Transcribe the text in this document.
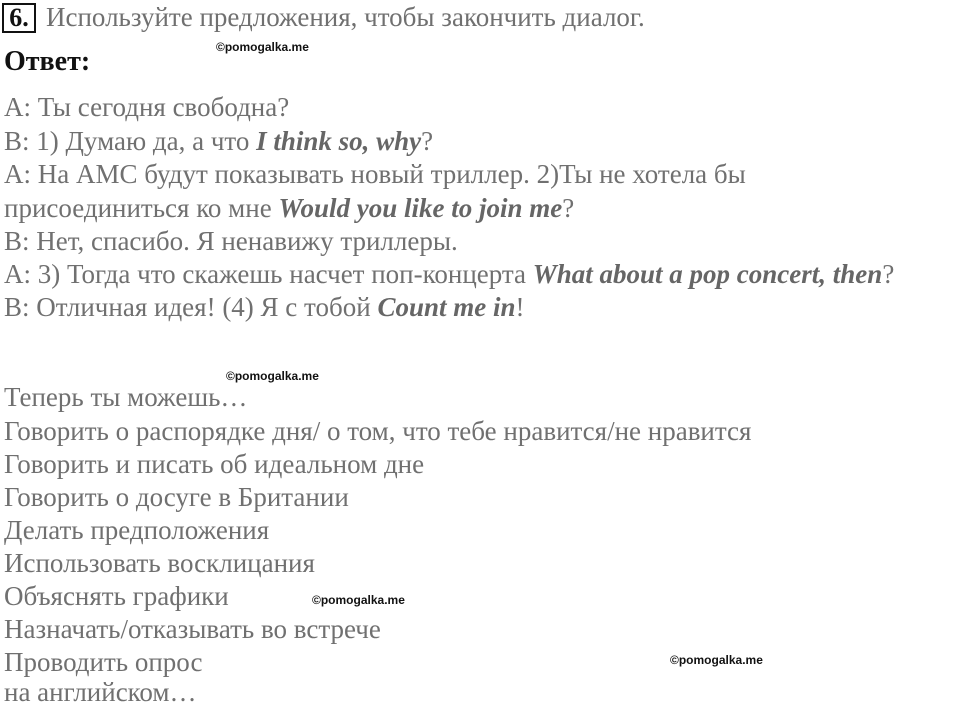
6. Используйте предложения, чтобы закончить диалог.
©pomogalka.me
Ответ:
A: Ты сегодня свободна?
B: 1) Думаю да, а что I think so, why?
A: На AMC будут показывать новый триллер. 2)Ты не хотела бы
присоединиться ко мне Would you like to join me?
B: Нет, спасибо. Я ненавижу триллеры.
A: 3) Тогда что скажешь насчет поп-концерта What about a pop concert, then?
B: Отличная идея! (4) Я с тобой Count me in!
©pomogalka.me
Теперь ты можешь…
Говорить о распорядке дня/ о том, что тебе нравится/не нравится
Говорить и писать об идеальном дне
Говорить о досуге в Британии
Делать предположения
Использовать восклицания
Объяснять графики
Назначать/отказывать во встрече
Проводить опрос
на английском…
©pomogalka.me
©pomogalka.me
